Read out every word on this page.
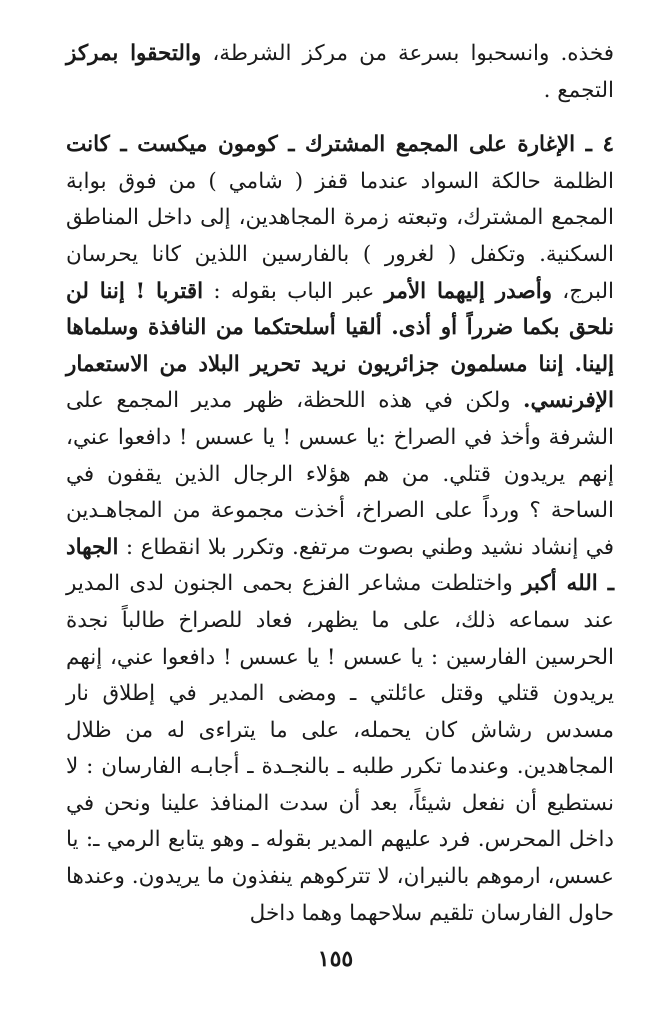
فخذه. وانسحبوا بسرعة من مركز الشرطة، والتحقوا بمركز التجمع .

٤ ـ الإغارة على المجمع المشترك ـ كومون ميكست ـ كانت الظلمة حالكة السواد عندما قفز ( شامي ) من فوق بوابة المجمع المشترك، وتبعته زمرة المجاهدين، إلى داخل المناطق السكنية. وتكفل ( لغرور ) بالفارسين اللذين كانا يحرسان البرج، وأصدر إليهما الأمر عبر الباب بقوله : اقتربا ! إننا لن نلحق بكما ضرراً أو أذى. ألقيا أسلحتكما من النافذة وسلماها إلينا. إننا مسلمون جزائريون نريد تحرير البلاد من الاستعمار الإفرنسي. ولكن في هذه اللحظة، ظهر مدير المجمع على الشرفة وأخذ في الصراخ :يا عسس ! يا عسس ! دافعوا عني، إنهم يريدون قتلي. من هم هؤلاء الرجال الذين يقفون في الساحة ؟ ورداً على الصراخ، أخذت مجموعة من المجاهـدين في إنشاد نشيد وطني بصوت مرتفع. وتكرر بلا انقطاع : الجهاد ـ الله أكبر واختلطت مشاعر الفزع بحمى الجنون لدى المدير عند سماعه ذلك، على ما يظهر، فعاد للصراخ طالباً نجدة الحرسين الفارسين : يا عسس ! يا عسس ! دافعوا عني، إنهم يريدون قتلي وقتل عائلتي ـ ومضى المدير في إطلاق نار مسدس رشاش كان يحمله، على ما يتراءى له من ظلال المجاهدين. وعندما تكرر طلبه ـ بالنجـدة ـ أجابـه الفارسان : لا نستطيع أن نفعل شيئاً، بعد أن سدت المنافذ علينا ونحن في داخل المحرس. فرد عليهم المدير بقوله ـ وهو يتابع الرمي ـ: يا عسس، ارموهم بالنيران، لا تتركوهم ينفذون ما يريدون. وعندها حاول الفارسان تلقيم سلاحهما وهما داخل

١٥٥
